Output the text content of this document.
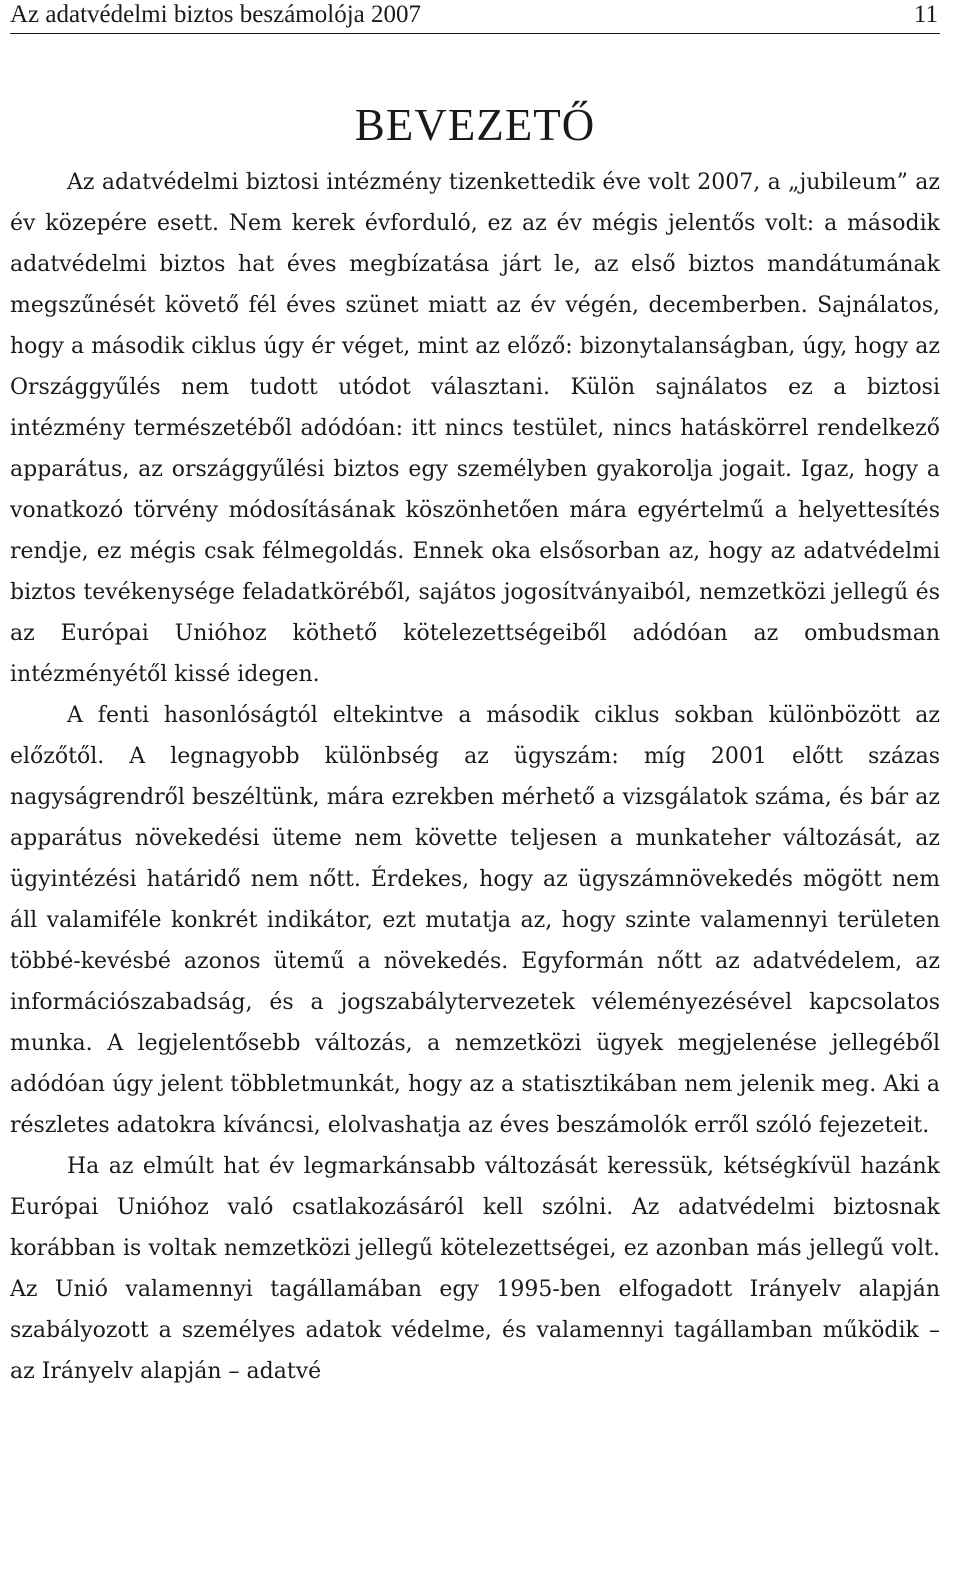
Az adatvédelmi biztos beszámolója 2007	11
BEVEZETŐ

Az adatvédelmi biztosi intézmény tizenkettedik éve volt 2007, a „jubileum” az év közepére esett. Nem kerek évforduló, ez az év mégis jelentős volt: a második adatvédelmi biztos hat éves megbízatása járt le, az első biztos mandátumának megszűnését követő fél éves szünet miatt az év végén, decemberben. Sajnálatos, hogy a második ciklus úgy ér véget, mint az előző: bizonytalanságban, úgy, hogy az Országgyűlés nem tudott utódot választani. Külön sajnálatos ez a biztosi intézmény természetéből adódóan: itt nincs testület, nincs hatáskörrel rendelkező apparátus, az országgyűlési biztos egy személyben gyakorolja jogait. Igaz, hogy a vonatkozó törvény módosításának köszönhetően mára egyértelmű a helyettesítés rendje, ez mégis csak félmegoldás. Ennek oka elsősorban az, hogy az adatvédelmi biztos tevékenysége feladatköréből, sajátos jogosítványaiból, nemzetközi jellegű és az Európai Unióhoz köthető kötelezettségeiből adódóan az ombudsman intézményétől kissé idegen.

A fenti hasonlóságtól eltekintve a második ciklus sokban különbözött az előzőtől. A legnagyobb különbség az ügyszám: míg 2001 előtt százas nagyságrendről beszéltünk, mára ezrekben mérhető a vizsgálatok száma, és bár az apparátus növekedési üteme nem követte teljesen a munkateher változását, az ügyintézési határidő nem nőtt. Érdekes, hogy az ügyszámnövekedés mögött nem áll valamiféle konkrét indikátor, ezt mutatja az, hogy szinte valamennyi területen többé-kevésbé azonos ütemű a növekedés. Egyformán nőtt az adatvédelem, az információszabadság, és a jogszabálytervezetek véleményezésével kapcsolatos munka. A legjelentősebb változás, a nemzetközi ügyek megjelenése jellegéből adódóan úgy jelent többletmunkát, hogy az a statisztikában nem jelenik meg. Aki a részletes adatokra kíváncsi, elolvashatja az éves beszámolók erről szóló fejezeteit.

Ha az elmúlt hat év legmarkánsabb változását keressük, kétségkívül hazánk Európai Unióhoz való csatlakozásáról kell szólni. Az adatvédelmi biztosnak korábban is voltak nemzetközi jellegű kötelezettségei, ez azonban más jellegű volt. Az Unió valamennyi tagállamában egy 1995-ben elfogadott Irányelv alapján szabályozott a személyes adatok védelme, és valamennyi tagállamban működik – az Irányelv alapján – adatvé
